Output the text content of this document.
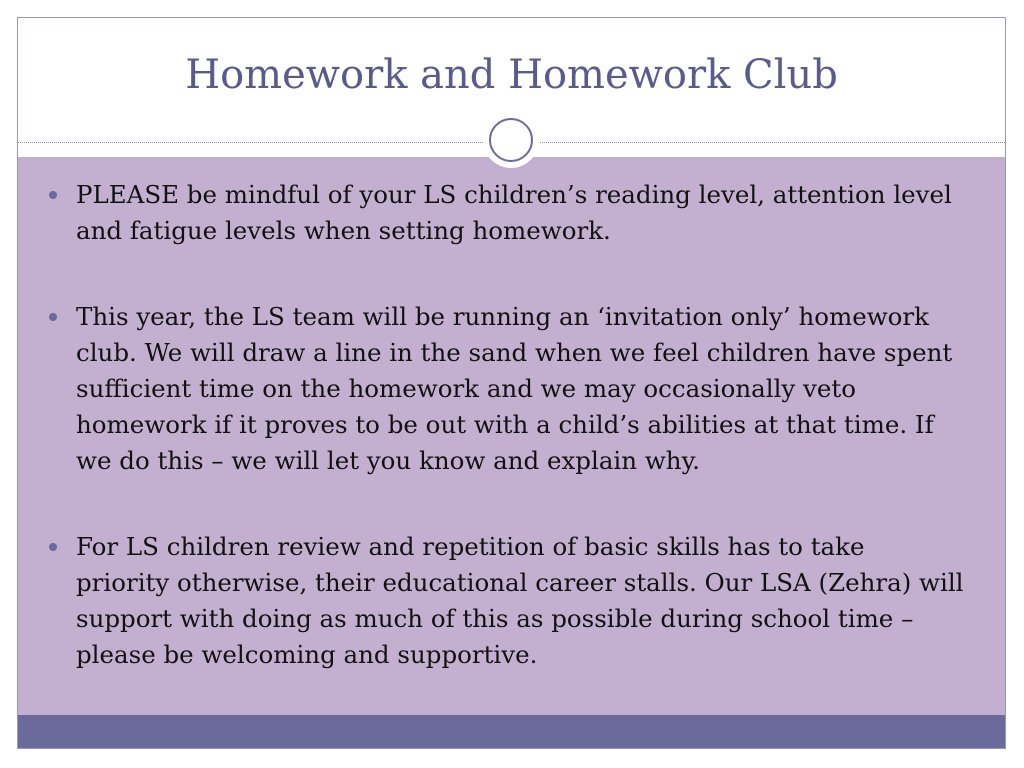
Homework and Homework Club
PLEASE be mindful of your LS children’s reading level, attention level and fatigue levels when setting homework.
This year, the LS team will be running an ‘invitation only’ homework club. We will draw a line in the sand when we feel children have spent sufficient time on the homework and we may occasionally veto homework if it proves to be out with a child’s abilities at that time. If we do this – we will let you know and explain why.
For LS children review and repetition of basic skills has to take priority otherwise, their educational career stalls. Our LSA (Zehra) will support with doing as much of this as possible during school time – please be welcoming and supportive.
